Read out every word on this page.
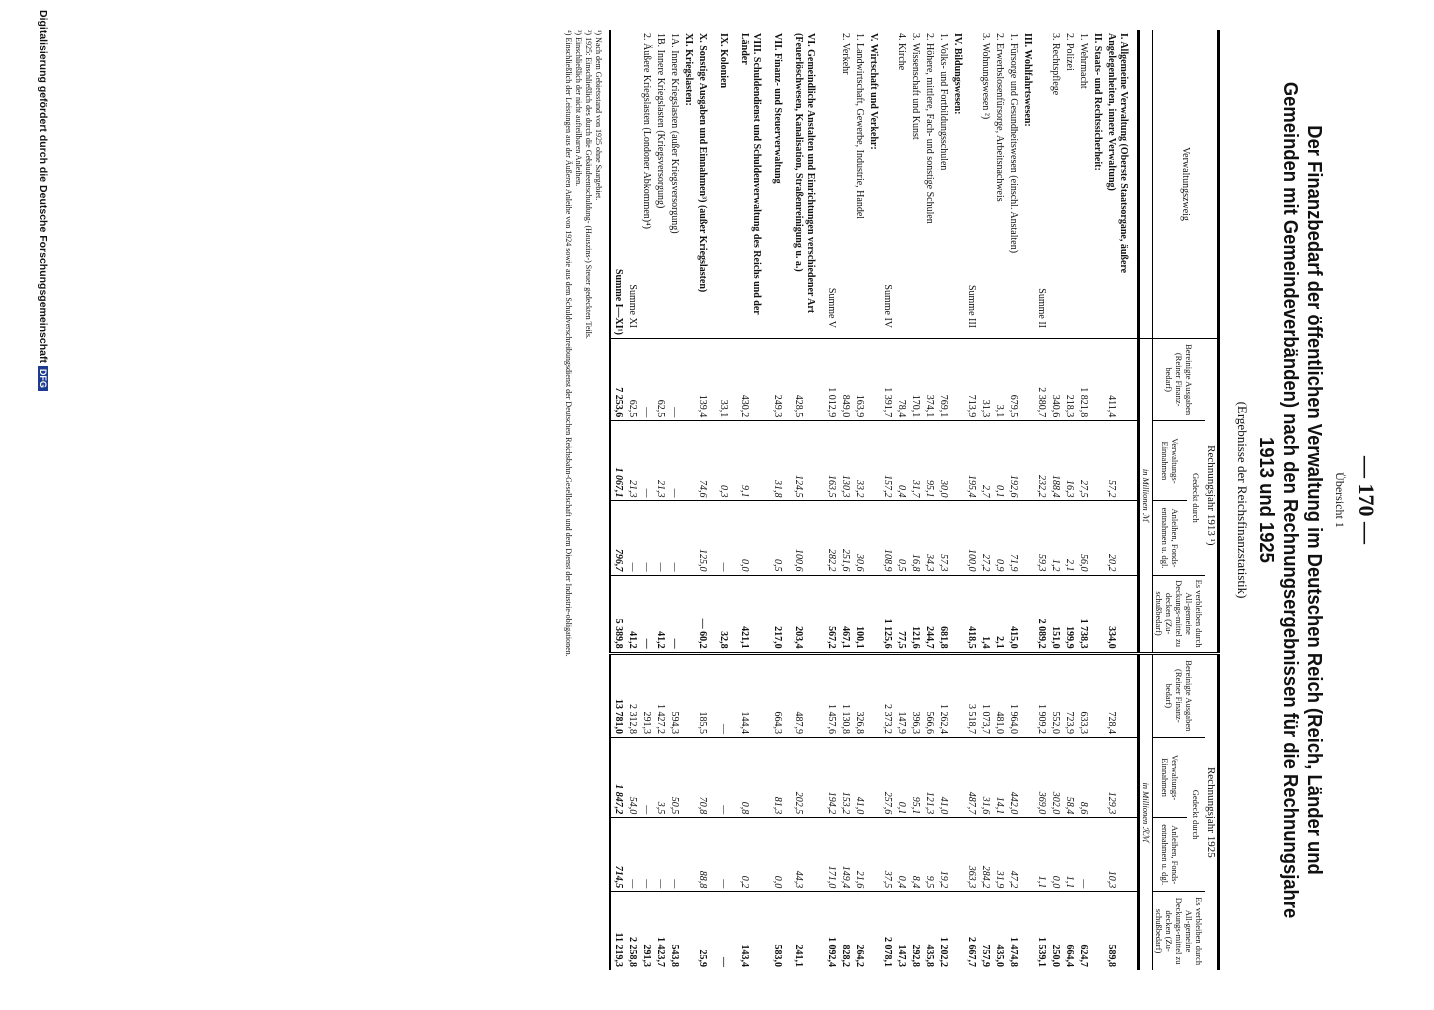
— 170 —
Übersicht 1
Der Finanzbedarf der öffentlichen Verwaltung im Deutschen Reich (Reich, Länder und Gemeinden mit Gemeindeverbänden) nach den Rechnungsergebnissen für die Rechnungsjahre 1913 und 1925
(Ergebnisse der Reichsfinanzstatistik)
Verwaltungszweig	Rechnungsjahr 1913 ¹)				Rechnungsjahr 1925			
	Bereinigte Ausgaben (Reiner Finanz-bedarf)	Gedeckt durch		Es verbleiben durch All-gemeine Deckungs-mittel zu decken (Zu-schußbedarf)	Bereinigte Ausgaben (Reiner Finanz-bedarf)	Gedeckt durch		Es verbleiben durch All-gemeine Deckungs-mittel zu decken (Zu-schußbedarf)
		Verwaltungs-Einnahmen	Anleihen, Fonds-entnahmen u. dgl.			Verwaltungs-Einnahmen	Anleihen, Fonds-entnahmen u. dgl.	
	in Millionen ℳ				in Millionen ℛℳ			
I. Allgemeine Verwaltung (Oberste Staatsorgane, äußere Angelegenheiten, innere Verwaltung)	411,4	57,2	20,2	334,0	728,4	129,3	10,3	589,8
II. Staats- und Rechtssicherheit:								
1. Wehrmacht	1 821,8	27,5	56,0	1 738,3	633,3	8,6	—	624,7
2. Polizei	218,3	16,3	2,1	199,9	723,9	58,4	1,1	664,4
3. Rechtspflege	340,6	188,4	1,2	151,0	552,0	302,0	0,0	250,0
Summe II	2 380,7	232,2	59,3	2 089,2	1 909,2	369,0	1,1	1 539,1
III. Wohlfahrtswesen:								
1. Fürsorge und Gesundheitswesen (einschl. Anstalten)	679,5	192,6	71,9	415,0	1 964,0	442,0	47,2	1 474,8
2. Erwerbslosenfürsorge, Arbeitsnachweis	3,1	0,1	0,9	2,1	481,0	14,1	31,9	435,0
3. Wohnungswesen ²)	31,3	2,7	27,2	1,4	1 073,7	31,6	284,2	757,9
Summe III	713,9	195,4	100,0	418,5	3 518,7	487,7	363,3	2 667,7
IV. Bildungswesen:								
1. Volks- und Fortbildungsschulen	769,1	30,0	57,3	681,8	1 262,4	41,0	19,2	1 202,2
2. Höhere, mittlere, Fach- und sonstige Schulen	374,1	95,1	34,3	244,7	566,6	121,3	9,5	435,8
3. Wissenschaft und Kunst	170,1	31,7	16,8	121,6	396,3	95,1	8,4	292,8
4. Kirche	78,4	0,4	0,5	77,5	147,9	0,1	0,4	147,3
Summe IV	1 391,7	157,2	108,9	1 125,6	2 373,2	257,6	37,5	2 078,1
V. Wirtschaft und Verkehr:								
1. Landwirtschaft, Gewerbe, Industrie, Handel	163,9	33,2	30,6	100,1	326,8	41,0	21,6	264,2
2. Verkehr	849,0	130,3	251,6	467,1	1 130,8	153,2	149,4	828,2
Summe V	1 012,9	163,5	282,2	567,2	1 457,6	194,2	171,0	1 092,4
VI. Gemeindliche Anstalten und Einrichtungen verschiedener Art (Feuerlöschwesen, Kanalisation, Straßenreinigung u. a.)	428,5	124,5	100,6	203,4	487,9	202,5	44,3	241,1
VII. Finanz- und Steuerverwaltung	249,3	31,8	0,5	217,0	664,3	81,3	0,0	583,0
VIII. Schuldendienst und Schuldenverwaltung des Reichs und der Länder	430,2	9,1	0,0	421,1	144,4	0,8	0,2	143,4
IX. Kolonien	33,1	0,3	—	32,8	—	—	—	—
X. Sonstige Ausgaben und Einnahmen³) (außer Kriegslasten)	139,4	74,6	125,0	— 60,2	185,5	70,8	88,8	25,9
XI. Kriegslasten:								
1A. Innere Kriegslasten (außer Kriegsversorgung)	—	—	—	—	594,3	50,5	—	543,8
1B. Innere Kriegslasten (Kriegsversorgung)	62,5	21,3	—	41,2	1 427,2	3,5	—	1 423,7
2. Äußere Kriegslasten (Londoner Abkommen)⁴)	—	—	—	—	291,3	—	—	291,3
Summe XI	62,5	21,3	—	41,2	2 312,8	54,0	—	2 258,8
Summe I—XI¹)	7 253,6	1 067,1	796,7	5 389,8	13 781,0	1 847,2	714,5	11 219,3
¹) Nach dem Gebietsstand von 1925 ohne Saargebiet.
²) 1925: Einschließlich des durch die Gebäudeentschuldung- (Hauszins-) Steuer gedeckten Teils.
³) Einschließlich der nicht aufteilbaren Anleihen.
⁴) Einschließlich der Leistungen aus der Äußeren Anleihe von 1924 sowie aus dem Schuldverschreibungsdienst der Deutschen Reichsbahn-Gesellschaft und dem Dienst der Industrie-obligationen.
Digitalisierung gefördert durch die Deutsche Forschungsgemeinschaft DFG
